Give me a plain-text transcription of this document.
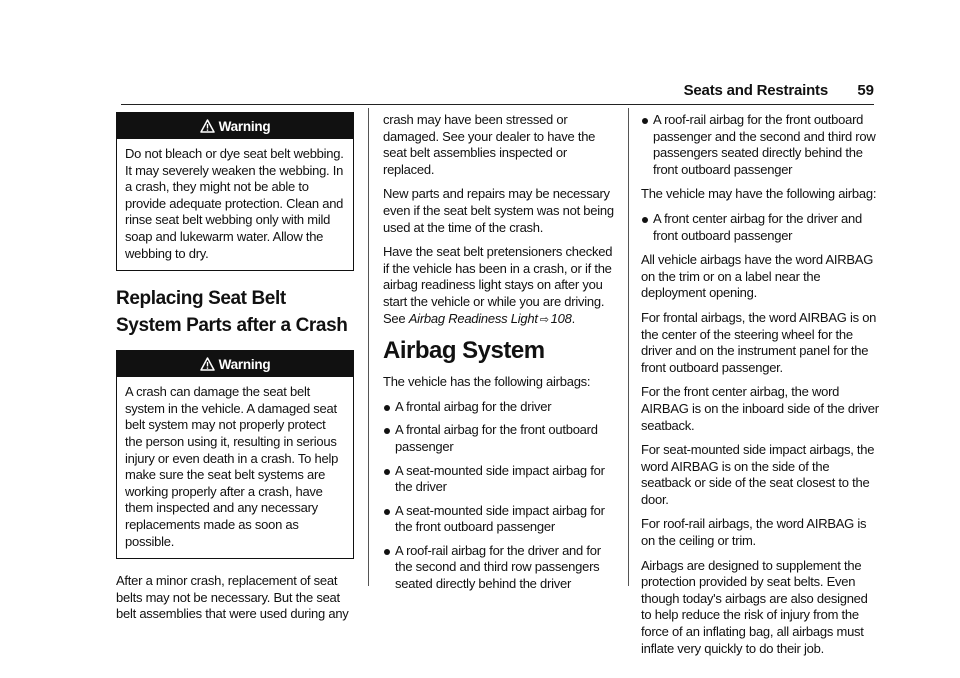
Seats and Restraints 59
Warning

Do not bleach or dye seat belt webbing. It may severely weaken the webbing. In a crash, they might not be able to provide adequate protection. Clean and rinse seat belt webbing only with mild soap and lukewarm water. Allow the webbing to dry.

Replacing Seat Belt System Parts after a Crash
Warning

A crash can damage the seat belt system in the vehicle. A damaged seat belt system may not properly protect the person using it, resulting in serious injury or even death in a crash. To help make sure the seat belt systems are working properly after a crash, have them inspected and any necessary replacements made as soon as possible.

After a minor crash, replacement of seat belts may not be necessary. But the seat belt assemblies that were used during any

crash may have been stressed or damaged. See your dealer to have the seat belt assemblies inspected or replaced.

New parts and repairs may be necessary even if the seat belt system was not being used at the time of the crash.

Have the seat belt pretensioners checked if the vehicle has been in a crash, or if the airbag readiness light stays on after you start the vehicle or while you are driving. See Airbag Readiness Light ⇨ 108.

Airbag System

The vehicle has the following airbags:

A frontal airbag for the driver
A frontal airbag for the front outboard passenger
A seat-mounted side impact airbag for the driver
A seat-mounted side impact airbag for the front outboard passenger
A roof-rail airbag for the driver and for the second and third row passengers seated directly behind the driver
A roof-rail airbag for the front outboard passenger and the second and third row passengers seated directly behind the front outboard passenger

The vehicle may have the following airbag:

A front center airbag for the driver and front outboard passenger

All vehicle airbags have the word AIRBAG on the trim or on a label near the deployment opening.

For frontal airbags, the word AIRBAG is on the center of the steering wheel for the driver and on the instrument panel for the front outboard passenger.

For the front center airbag, the word AIRBAG is on the inboard side of the driver seatback.

For seat-mounted side impact airbags, the word AIRBAG is on the side of the seatback or side of the seat closest to the door.

For roof-rail airbags, the word AIRBAG is on the ceiling or trim.

Airbags are designed to supplement the protection provided by seat belts. Even though today's airbags are also designed to help reduce the risk of injury from the force of an inflating bag, all airbags must inflate very quickly to do their job.
